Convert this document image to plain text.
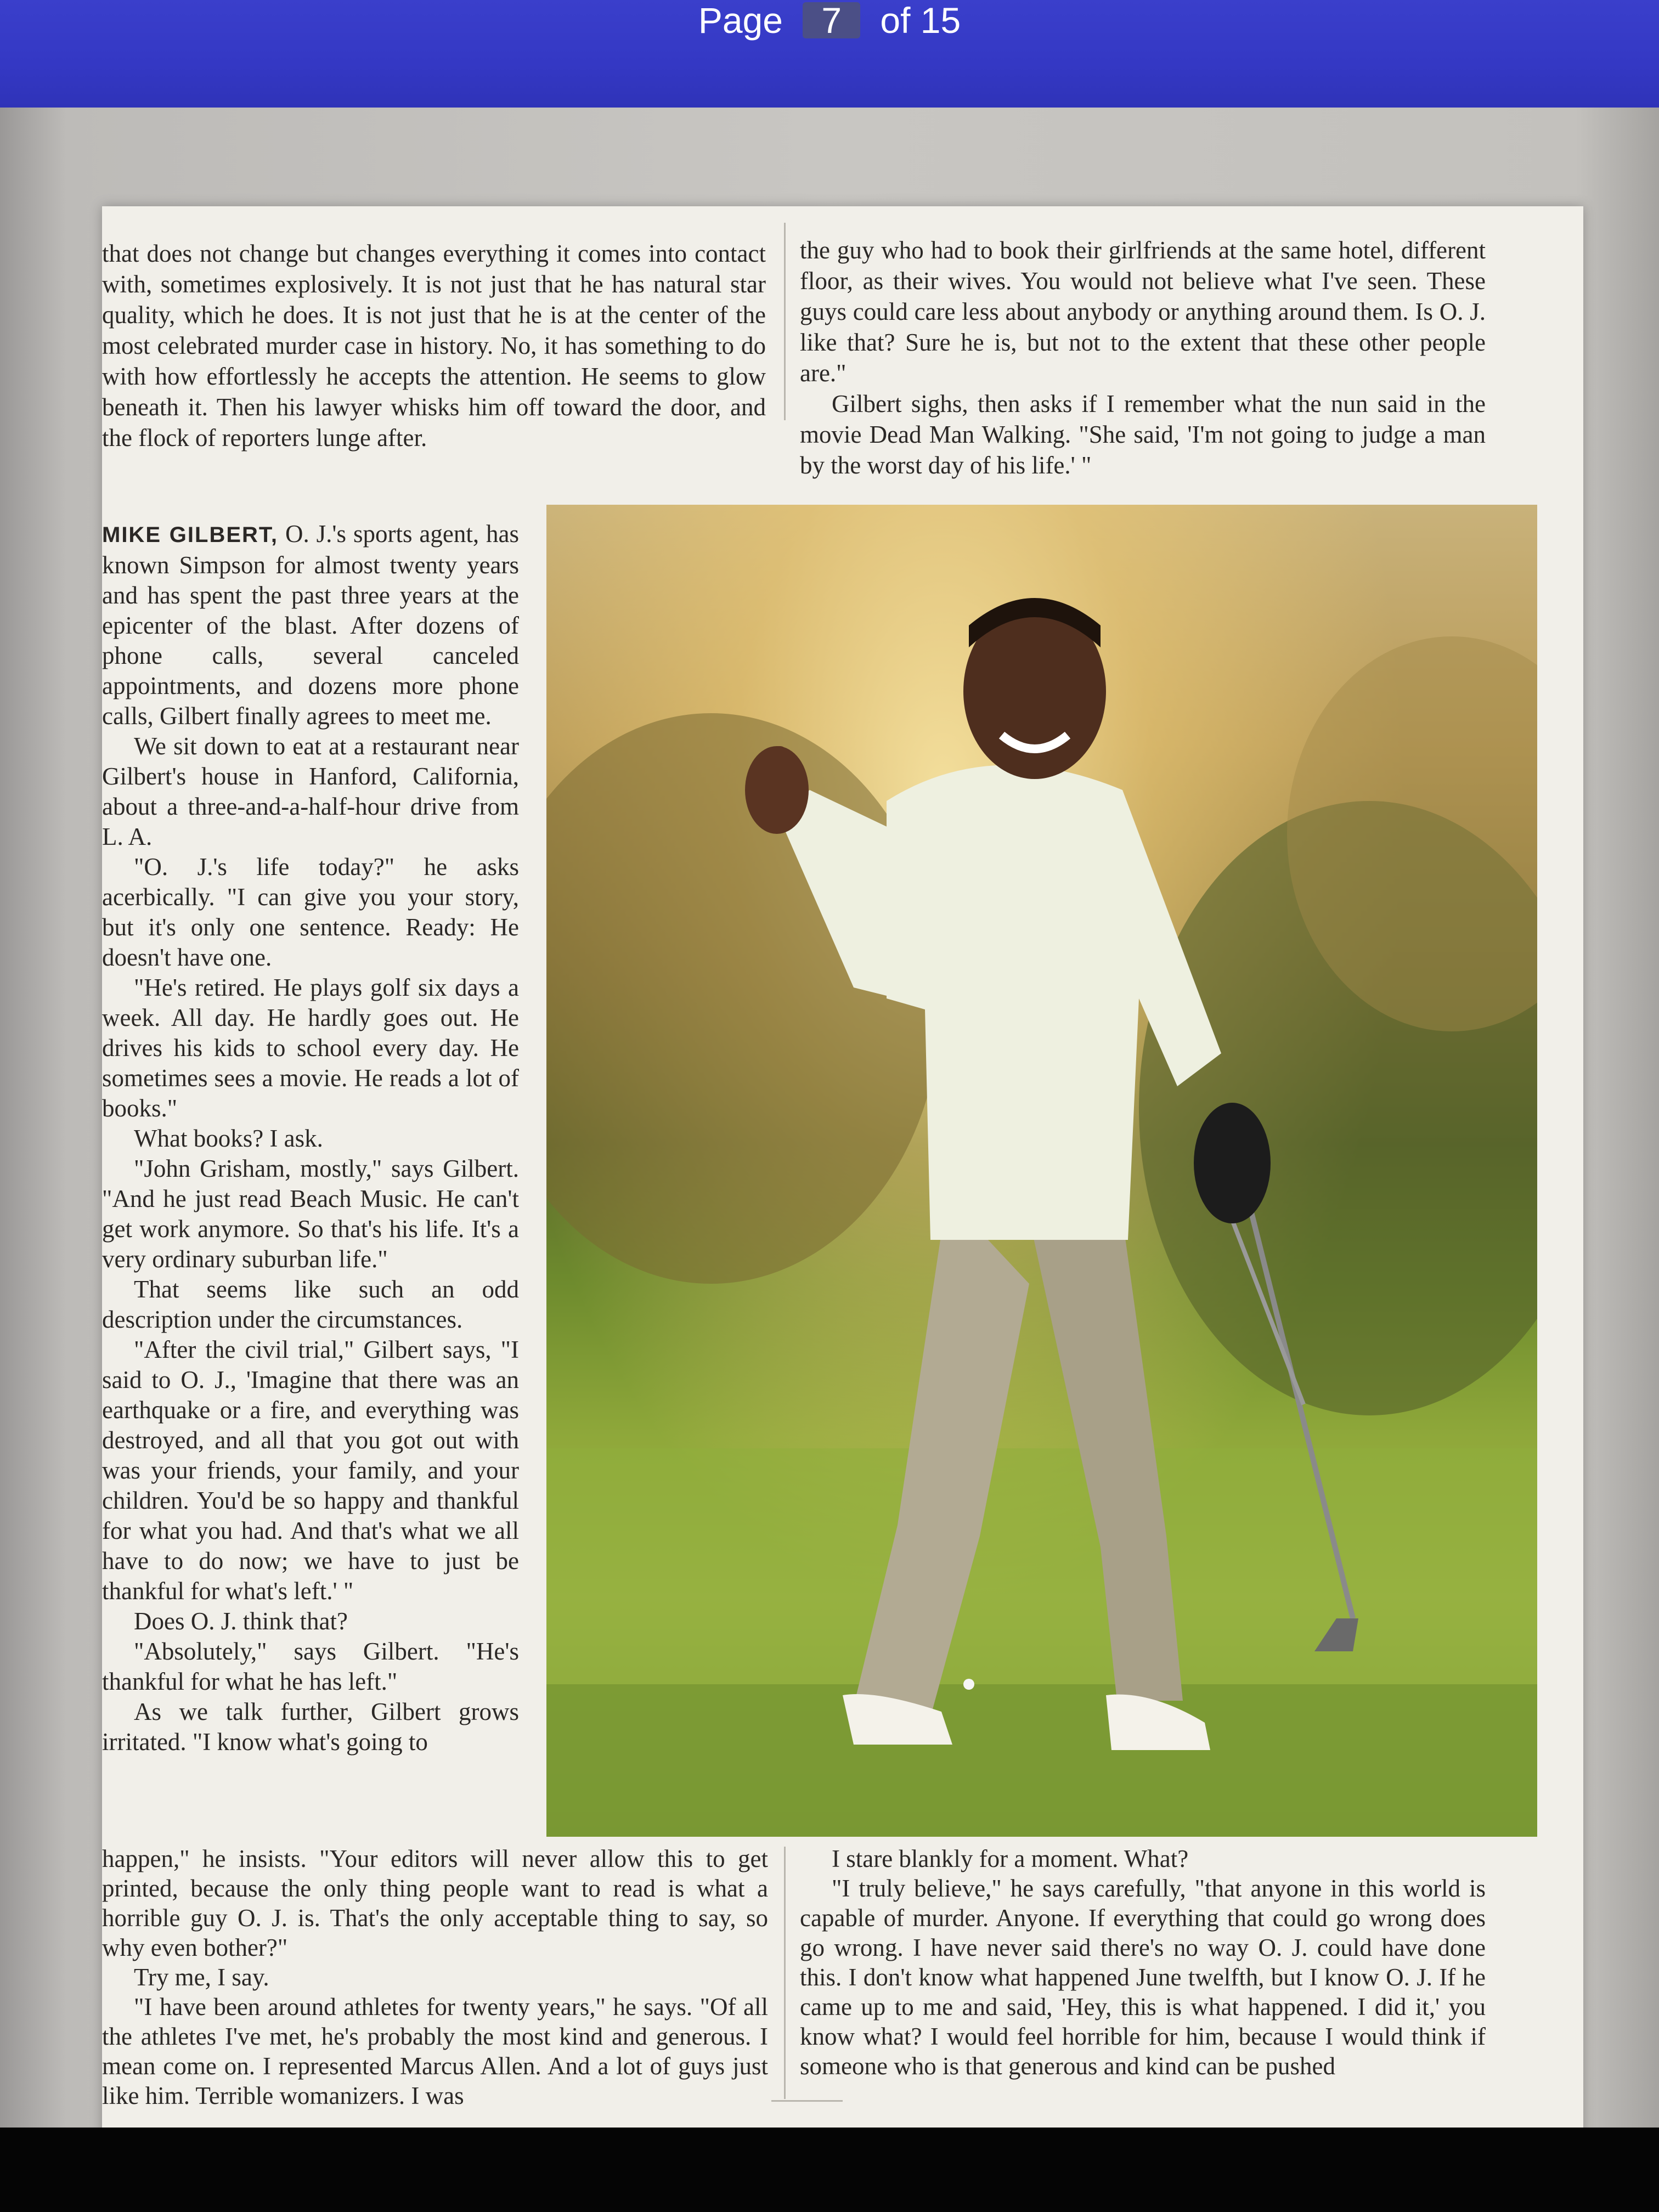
Page 7 of 15

that does not change but changes everything it comes into contact with, sometimes explosively. It is not just that he has natural star quality, which he does. It is not just that he is at the center of the most celebrated murder case in history. No, it has something to do with how effortlessly he accepts the attention. He seems to glow beneath it. Then his lawyer whisks him off toward the door, and the flock of reporters lunge after.

the guy who had to book their girlfriends at the same hotel, different floor, as their wives. You would not believe what I've seen. These guys could care less about anybody or anything around them. Is O. J. like that? Sure he is, but not to the extent that these other people are."

Gilbert sighs, then asks if I remember what the nun said in the movie Dead Man Walking. "She said, 'I'm not going to judge a man by the worst day of his life.' "

MIKE GILBERT, O. J.'s sports agent, has known Simpson for almost twenty years and has spent the past three years at the epicenter of the blast. After dozens of phone calls, several canceled appointments, and dozens more phone calls, Gilbert finally agrees to meet me.

We sit down to eat at a restaurant near Gilbert's house in Hanford, California, about a three-and-a-half-hour drive from L. A.

"O. J.'s life today?" he asks acerbically. "I can give you your story, but it's only one sentence. Ready: He doesn't have one.

"He's retired. He plays golf six days a week. All day. He hardly goes out. He drives his kids to school every day. He sometimes sees a movie. He reads a lot of books."

What books? I ask.

"John Grisham, mostly," says Gilbert. "And he just read Beach Music. He can't get work anymore. So that's his life. It's a very ordinary suburban life."

That seems like such an odd description under the circumstances.

"After the civil trial," Gilbert says, "I said to O. J., 'Imagine that there was an earthquake or a fire, and everything was destroyed, and all that you got out with was your friends, your family, and your children. You'd be so happy and thankful for what you had. And that's what we all have to do now; we have to just be thankful for what's left.' "

Does O. J. think that?

"Absolutely," says Gilbert. "He's thankful for what he has left."

As we talk further, Gilbert grows irritated. "I know what's going to

happen," he insists. "Your editors will never allow this to get printed, because the only thing people want to read is what a horrible guy O. J. is. That's the only acceptable thing to say, so why even bother?"

Try me, I say.

"I have been around athletes for twenty years," he says. "Of all the athletes I've met, he's probably the most kind and generous. I mean come on. I represented Marcus Allen. And a lot of guys just like him. Terrible womanizers. I was

I stare blankly for a moment. What?

"I truly believe," he says carefully, "that anyone in this world is capable of murder. Anyone. If everything that could go wrong does go wrong. I have never said there's no way O. J. could have done this. I don't know what happened June twelfth, but I know O. J. If he came up to me and said, 'Hey, this is what happened. I did it,' you know what? I would feel horrible for him, because I would think if someone who is that generous and kind can be pushed
